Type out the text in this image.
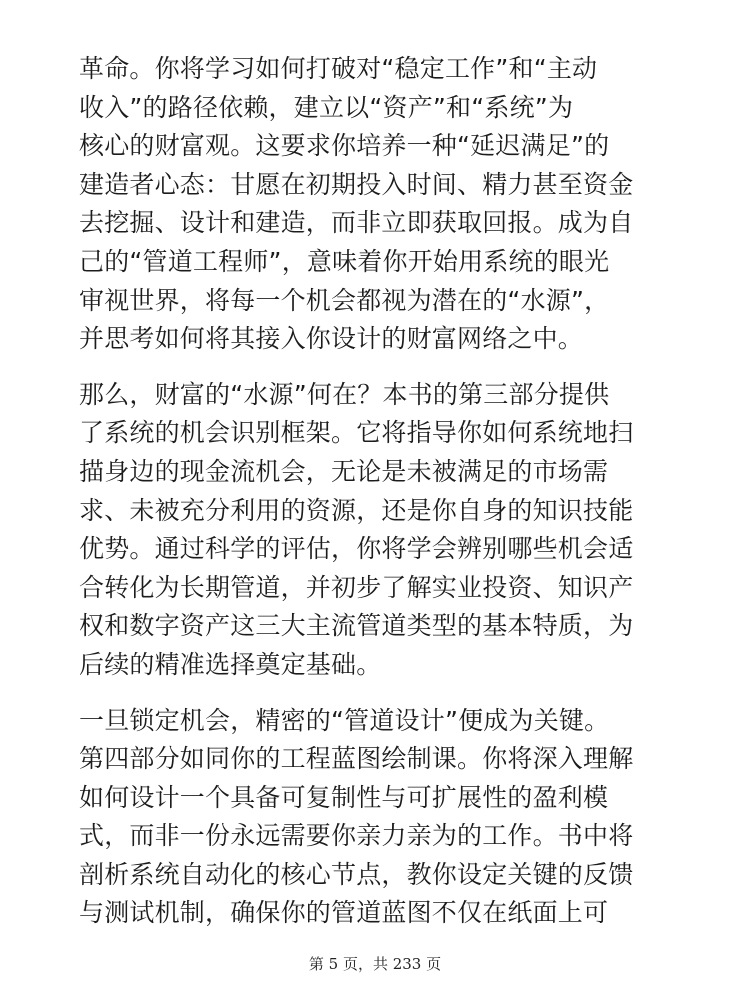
革命。你将学习如何打破对“稳定工作”和“主动
收入”的路径依赖，建立以“资产”和“系统”为
核心的财富观。这要求你培养一种“延迟满足”的
建造者心态：甘愿在初期投入时间、精力甚至资金
去挖掘、设计和建造，而非立即获取回报。成为自
己的“管道工程师”，意味着你开始用系统的眼光
审视世界，将每一个机会都视为潜在的“水源”，
并思考如何将其接入你设计的财富网络之中。

那么，财富的“水源”何在？本书的第三部分提供
了系统的机会识别框架。它将指导你如何系统地扫
描身边的现金流机会，无论是未被满足的市场需
求、未被充分利用的资源，还是你自身的知识技能
优势。通过科学的评估，你将学会辨别哪些机会适
合转化为长期管道，并初步了解实业投资、知识产
权和数字资产这三大主流管道类型的基本特质，为
后续的精准选择奠定基础。

一旦锁定机会，精密的“管道设计”便成为关键。
第四部分如同你的工程蓝图绘制课。你将深入理解
如何设计一个具备可复制性与可扩展性的盈利模
式，而非一份永远需要你亲力亲为的工作。书中将
剖析系统自动化的核心节点，教你设定关键的反馈
与测试机制，确保你的管道蓝图不仅在纸面上可

第 5 页，共 233 页
